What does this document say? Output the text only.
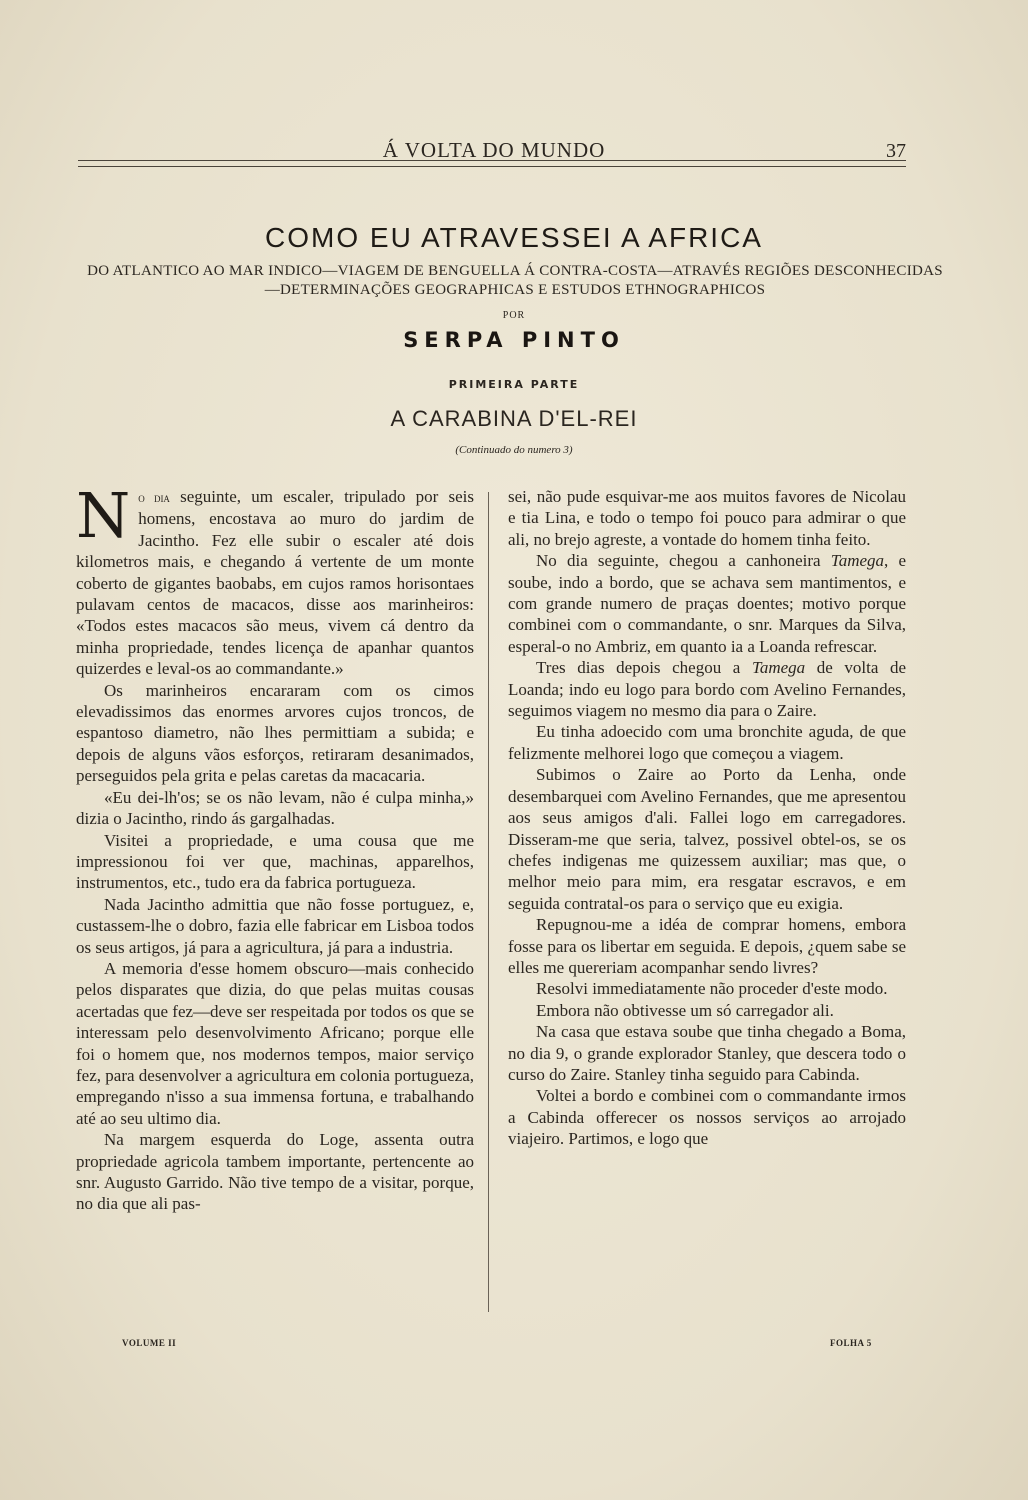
Á VOLTA DO MUNDO	37
COMO EU ATRAVESSEI A AFRICA
DO ATLANTICO AO MAR INDICO—VIAGEM DE BENGUELLA Á CONTRA-COSTA—ATRAVÉS REGIÕES DESCONHECIDAS—DETERMINAÇÕES GEOGRAPHICAS E ESTUDOS ETHNOGRAPHICOS
POR
SERPA PINTO
PRIMEIRA PARTE
A CARABINA D'EL-REI
(Continuado do numero 3)

No dia seguinte, um escaler, tripulado por seis homens, encostava ao muro do jardim de Jacintho. Fez elle subir o escaler até dois kilometros mais, e chegando á vertente de um monte coberto de gigantes baobabs, em cujos ramos horisontaes pulavam centos de macacos, disse aos marinheiros: «Todos estes macacos são meus, vivem cá dentro da minha propriedade, tendes licença de apanhar quantos quizerdes e leval-os ao commandante.»

Os marinheiros encararam com os cimos elevadissimos das enormes arvores cujos troncos, de espantoso diametro, não lhes permittiam a subida; e depois de alguns vãos esforços, retiraram desanimados, perseguidos pela grita e pelas caretas da macacaria.

«Eu dei-lh'os; se os não levam, não é culpa minha,» dizia o Jacintho, rindo ás gargalhadas.

Visitei a propriedade, e uma cousa que me impressionou foi ver que, machinas, apparelhos, instrumentos, etc., tudo era da fabrica portugueza.

Nada Jacintho admittia que não fosse portuguez, e, custassem-lhe o dobro, fazia elle fabricar em Lisboa todos os seus artigos, já para a agricultura, já para a industria.

A memoria d'esse homem obscuro—mais conhecido pelos disparates que dizia, do que pelas muitas cousas acertadas que fez—deve ser respeitada por todos os que se interessam pelo desenvolvimento Africano; porque elle foi o homem que, nos modernos tempos, maior serviço fez, para desenvolver a agricultura em colonia portugueza, empregando n'isso a sua immensa fortuna, e trabalhando até ao seu ultimo dia.

Na margem esquerda do Loge, assenta outra propriedade agricola tambem importante, pertencente ao snr. Augusto Garrido. Não tive tempo de a visitar, porque, no dia que ali pas-

sei, não pude esquivar-me aos muitos favores de Nicolau e tia Lina, e todo o tempo foi pouco para admirar o que ali, no brejo agreste, a vontade do homem tinha feito.

No dia seguinte, chegou a canhoneira Tamega, e soube, indo a bordo, que se achava sem mantimentos, e com grande numero de praças doentes; motivo porque combinei com o commandante, o snr. Marques da Silva, esperal-o no Ambriz, em quanto ia a Loanda refrescar.

Tres dias depois chegou a Tamega de volta de Loanda; indo eu logo para bordo com Avelino Fernandes, seguimos viagem no mesmo dia para o Zaire.

Eu tinha adoecido com uma bronchite aguda, de que felizmente melhorei logo que começou a viagem.

Subimos o Zaire ao Porto da Lenha, onde desembarquei com Avelino Fernandes, que me apresentou aos seus amigos d'ali. Fallei logo em carregadores. Disseram-me que seria, talvez, possivel obtel-os, se os chefes indigenas me quizessem auxiliar; mas que, o melhor meio para mim, era resgatar escravos, e em seguida contratal-os para o serviço que eu exigia.

Repugnou-me a idéa de comprar homens, embora fosse para os libertar em seguida. E depois, ¿quem sabe se elles me quereriam acompanhar sendo livres?

Resolvi immediatamente não proceder d'este modo.

Embora não obtivesse um só carregador ali.

Na casa que estava soube que tinha chegado a Boma, no dia 9, o grande explorador Stanley, que descera todo o curso do Zaire. Stanley tinha seguido para Cabinda.

Voltei a bordo e combinei com o commandante irmos a Cabinda offerecer os nossos serviços ao arrojado viajeiro. Partimos, e logo que

VOLUME II	FOLHA 5
